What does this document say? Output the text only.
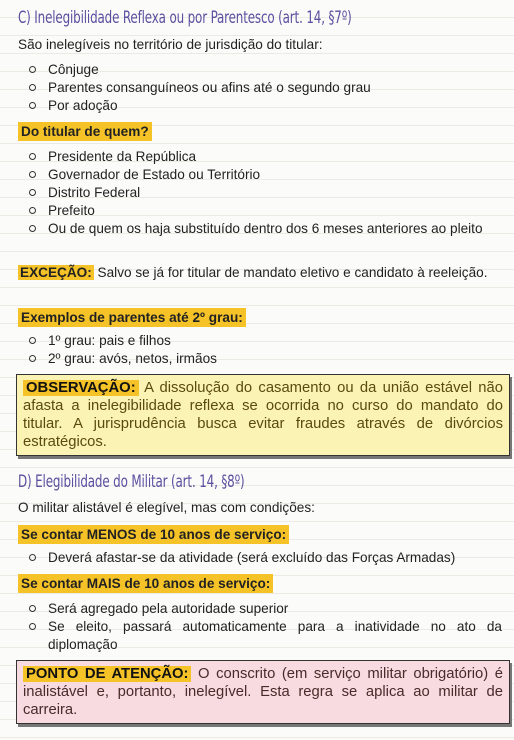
C) Inelegibilidade Reflexa ou por Parentesco (art. 14, §7º)
São inelegíveis no território de jurisdição do titular:
Cônjuge
Parentes consanguíneos ou afins até o segundo grau
Por adoção
Do titular de quem?
Presidente da República
Governador de Estado ou Território
Distrito Federal
Prefeito
Ou de quem os haja substituído dentro dos 6 meses anteriores ao pleito
EXCEÇÃO: Salvo se já for titular de mandato eletivo e candidato à reeleição.
Exemplos de parentes até 2º grau:
1º grau: pais e filhos
2º grau: avós, netos, irmãos
OBSERVAÇÃO: A dissolução do casamento ou da união estável não afasta a inelegibilidade reflexa se ocorrida no curso do mandato do titular. A jurisprudência busca evitar fraudes através de divórcios estratégicos.
D) Elegibilidade do Militar (art. 14, §8º)
O militar alistável é elegível, mas com condições:
Se contar MENOS de 10 anos de serviço:
Deverá afastar-se da atividade (será excluído das Forças Armadas)
Se contar MAIS de 10 anos de serviço:
Será agregado pela autoridade superior
Se eleito, passará automaticamente para a inatividade no ato da diplomação
PONTO DE ATENÇÃO: O conscrito (em serviço militar obrigatório) é inalistável e, portanto, inelegível. Esta regra se aplica ao militar de carreira.
